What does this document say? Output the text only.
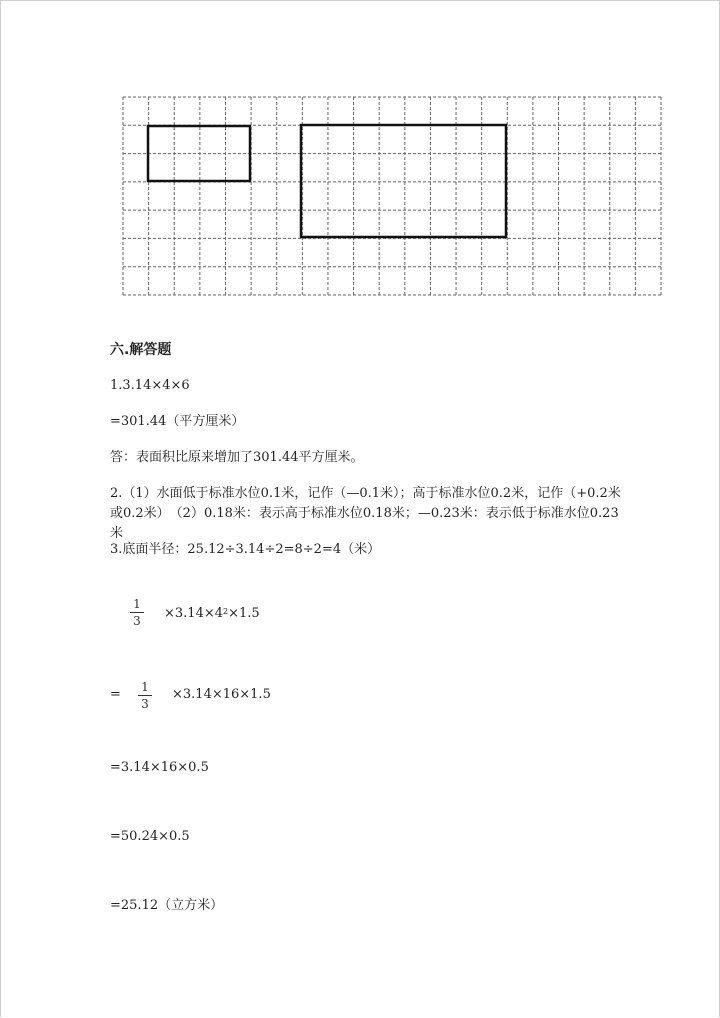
六.解答题
1.3.14×4×6
=301.44（平方厘米）
答：表面积比原来增加了301.44平方厘米。
2.（1）水面低于标准水位0.1米，记作（—0.1米）；高于标准水位0.2米，记作（+0.2米或0.2米）　（2）0.18米：表示高于标准水位0.18米；—0.23米：表示低于标准水位0.23米
3.底面半径：25.12÷3.14÷2=8÷2=4（米）
1
$3 \times 3.14\times 4^2\times 1.5$
= 1
3
×3.14×16×1.5
=3.14×16×0.5
=50.24×0.5
=25.12（立方米）
